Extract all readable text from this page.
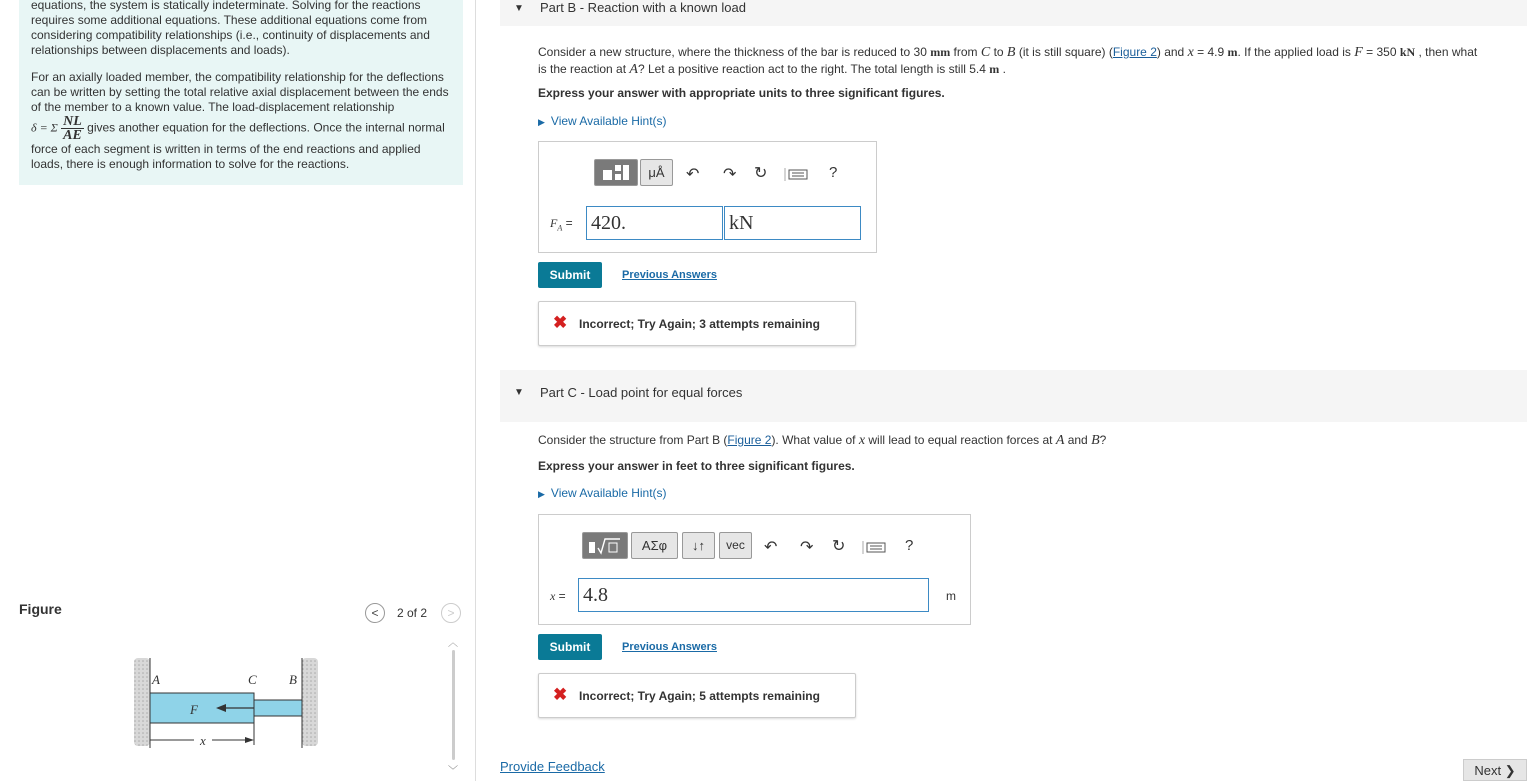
equations, the system is statically indeterminate. Solving for the reactions requires some additional equations. These additional equations come from considering compatibility relationships (i.e., continuity of displacements and relationships between displacements and loads).

For an axially loaded member, the compatibility relationship for the deflections can be written by setting the total relative axial displacement between the ends of the member to a known value. The load-displacement relationship
δ = Σ $\frac{NL}{AE}$ gives another equation for the deflections. Once the internal normal force of each segment is written in terms of the end reactions and applied loads, there is enough information to solve for the reactions.

Figure	<	2 of 2	>
︿
﹀
F
A	C B
x
▼ Part B - Reaction with a known load
Consider a new structure, where the thickness of the bar is reduced to 30 mm from C to B (it is still square) (Figure 2) and x = 4.9 m. If the applied load is F = 350 kN , then what
is the reaction at A? Let a positive reaction act to the right. The total length is still 5.4 m .
Express your answer with appropriate units to three significant figures.
▶ View Available Hint(s)
μÅ	↶ ↷ ↻	?
$F_A = 420$.	kN
Submit	Previous Answers
✖ Incorrect; Try Again; 3 attempts remaining
▼ Part C - Load point for equal forces
Consider the structure from Part B (Figure 2). What value of x will lead to equal reaction forces at A and B?
Express your answer in feet to three significant figures.
▶ View Available Hint(s)
ΑΣφ	↓↑	vec	↶ ↷ ↻	?
x = 4.8	m
Submit	Previous Answers
✖ Incorrect; Try Again; 5 attempts remaining
Provide Feedback	Next ❯
